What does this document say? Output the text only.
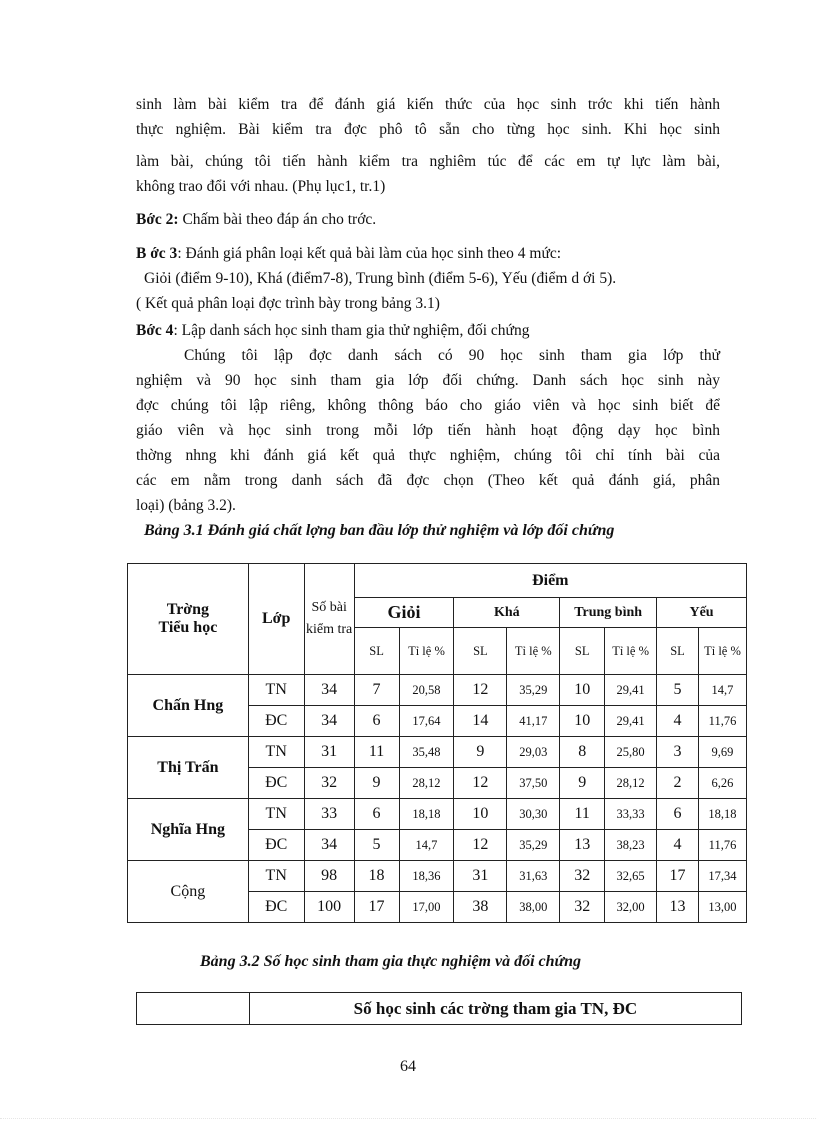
sinh làm bài kiểm tra để đánh giá kiến thức của học sinh trớc khi tiến hành
thực nghiệm. Bài kiểm tra đợc phô tô sẵn cho từng học sinh. Khi học sinh
làm bài, chúng tôi tiến hành kiểm tra nghiêm túc để các em tự lực làm bài,
không trao đổi với nhau. (Phụ lục1, tr.1)
Bớc 2: Chấm bài theo đáp án cho trớc.
B ớc 3: Đánh giá phân loại kết quả bài làm của học sinh theo 4 mức:
Giỏi (điểm 9-10), Khá (điểm7-8), Trung bình (điểm 5-6), Yếu (điểm d ới 5).
( Kết quả phân loại đợc trình bày trong bảng 3.1)
Bớc 4: Lập danh sách học sinh tham gia thử nghiệm, đối chứng
Chúng tôi lập đợc danh sách có 90 học sinh tham gia lớp thử
nghiệm và 90 học sinh tham gia lớp đối chứng. Danh sách học sinh này
đợc chúng tôi lập riêng, không thông báo cho giáo viên và học sinh biết để
giáo viên và học sinh trong mỗi lớp tiến hành hoạt động dạy học bình
thờng nhng khi đánh giá kết quả thực nghiệm, chúng tôi chỉ tính bài của
các em nằm trong danh sách đã đợc chọn (Theo kết quả đánh giá, phân
loại) (bảng 3.2).
Bảng 3.1 Đánh giá chất lợng ban đầu lớp thử nghiệm và lớp đối chứng
Trờng
Tiểu học	Lớp	Số bài kiểm tra	Điểm							
			Giỏi		Khá		Trung bình		Yếu	
			SL	Tỉ lệ %	SL	Tỉ lệ %	SL	Tỉ lệ %	SL	Tỉ lệ %
Chấn Hng	TN	34	7	20,58	12	35,29	10	29,41	5	14,7
	ĐC	34	6	17,64	14	41,17	10	29,41	4	11,76
Thị Trấn	TN	31	11	35,48	9	29,03	8	25,80	3	9,69
	ĐC	32	9	28,12	12	37,50	9	28,12	2	6,26
Nghĩa Hng	TN	33	6	18,18	10	30,30	11	33,33	6	18,18
	ĐC	34	5	14,7	12	35,29	13	38,23	4	11,76
Cộng	TN	98	18	18,36	31	31,63	32	32,65	17	17,34
	ĐC	100	17	17,00	38	38,00	32	32,00	13	13,00
Bảng 3.2 Số học sinh tham gia thực nghiệm và đối chứng
	Số học sinh các trờng tham gia TN, ĐC
64
